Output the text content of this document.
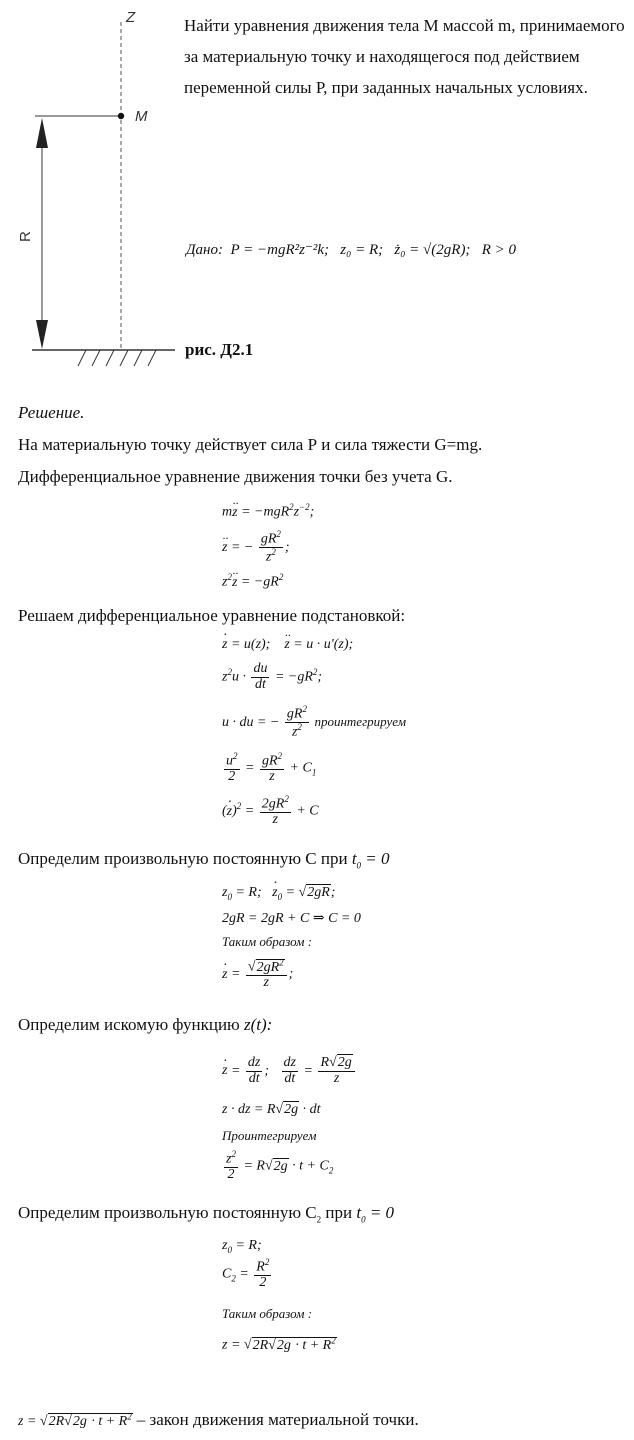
Z
M
R
рис. Д2.1
Найти уравнения движения тела М массой m, принимаемого за материальную точку и находящегося под действием переменной силы Р, при заданных начальных условиях.
Дано: P = −mgR²z⁻²k; z₀ = R; ż₀ = √(2gR); R > 0
Решение.
На материальную точку действует сила Р и сила тяжести G=mg.
Дифференциальное уравнение движения точки без учета G.
$m\cdot\cdot z = -mgR^2z^{-2}$;
·· z = − $\frac{gR^2}{z^2}$ ;
$z^2\cdot\cdot z = -gR^2$
Решаем дифференциальное уравнение подстановкой:
· z = u(z);    ·· z = u · u'(z);
$z^2u \cdot \frac{du}{dt} = -gR^2$;
u · du = − $\frac{gR^2}{z^2}$ проинтегрируем
$\frac{u^2}{2} = \frac{gR^2}{z} + C_1$
(· $z)^2 = \frac{2gR^2}{z} + C$
Определим произвольную постоянную С при $t_0 = 0$
$z_0 = R$;   · $z_0 = √2gR$;
2gR = 2gR + C ⇒ C = 0
Таким образом :
· $z = \frac{√2gR^2}{z}$ ;
Определим искомую функцию z(t):
· $z = \frac{dz}{dt}$ ; $\frac{dz}{dt} = \frac{R√2g}{z}$
z · dz = R√2g · dt
Проинтегрируем
$\frac{z^2}{2} = R√2g \cdot t + C_2$
Определим произвольную постоянную $С_2$ при $t_0 = 0$
$z_0 = R$;
$C_2 = \frac{R^2}{2}$
Таким образом :
$z = √2R√2g \cdot t + R^2$
$z = √2R√2g \cdot t + R^2$ – закон движения материальной точки.
